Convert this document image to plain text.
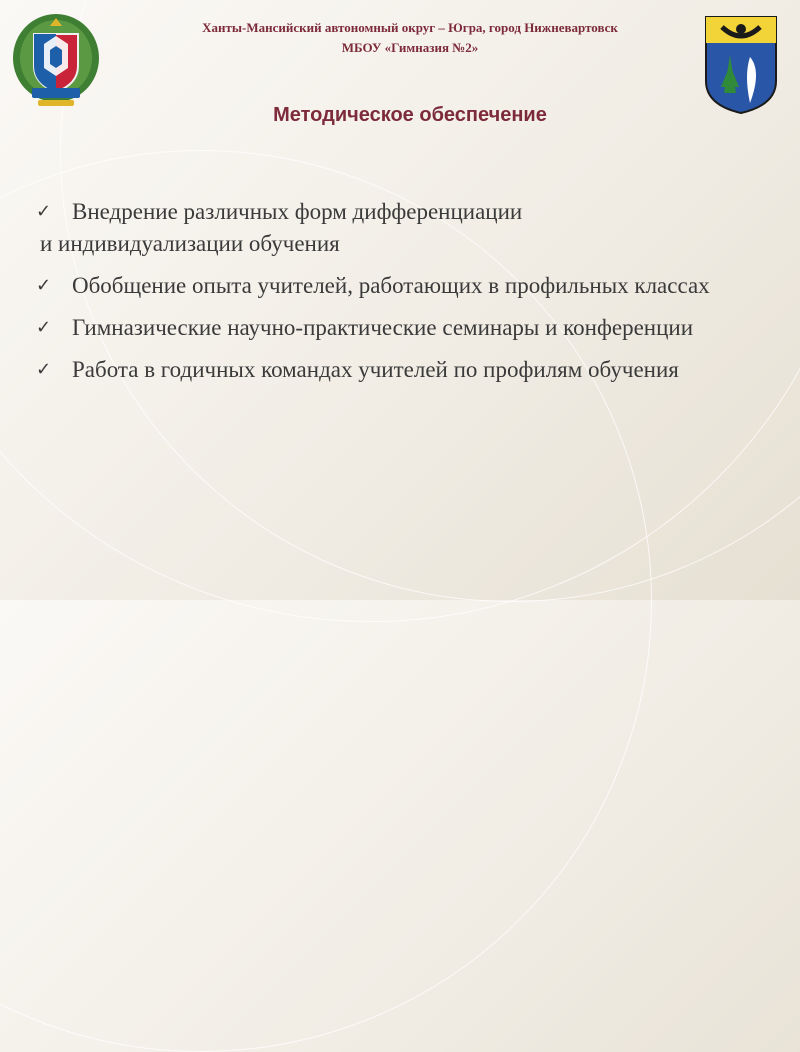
Ханты-Мансийский автономный округ – Югра, город Нижневартовск
МБОУ «Гимназия №2»
Методическое обеспечение
✓ Внедрение различных форм дифференциации
и индивидуализации обучения
✓ Обобщение опыта учителей, работающих в профильных классах
✓ Гимназические научно-практические семинары и конференции
✓ Работа в годичных командах учителей по профилям обучения
